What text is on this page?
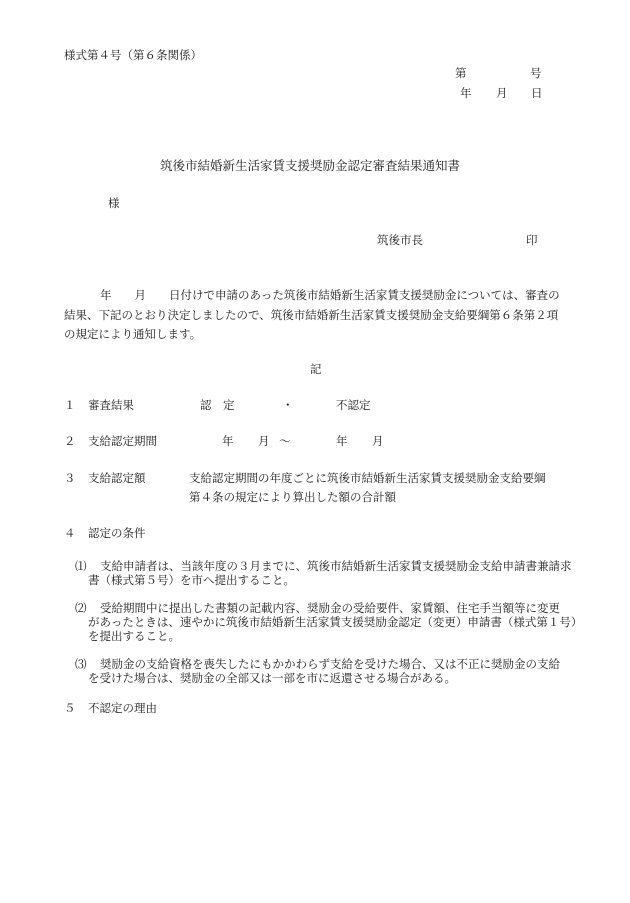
様式第４号（第６条関係）
第	号
年 月 日
筑後市結婚新生活家賃支援奨励金認定審査結果通知書
様
筑後市長	印
年　　月　　日付けで申請のあった筑後市結婚新生活家賃支援奨励金については、審査の
結果、下記のとおり決定しましたので、筑後市結婚新生活家賃支援奨励金支給要綱第６条第２項
の規定により通知します。
記
１ 審査結果	認　定	・	不認定
２ 支給認定期間	年 月 ～	年 月
３ 支給認定額	支給認定期間の年度ごとに筑後市結婚新生活家賃支援奨励金支給要綱
第４条の規定により算出した額の合計額
４ 認定の条件
⑴ 支給申請者は、当該年度の３月までに、筑後市結婚新生活家賃支援奨励金支給申請書兼請求
書（様式第５号）を市へ提出すること。
⑵ 受給期間中に提出した書類の記載内容、奨励金の受給要件、家賃額、住宅手当額等に変更
があったときは、速やかに筑後市結婚新生活家賃支援奨励金認定（変更）申請書（様式第１号）
を提出すること。
⑶ 奨励金の支給資格を喪失したにもかかわらず支給を受けた場合、又は不正に奨励金の支給
を受けた場合は、奨励金の全部又は一部を市に返還させる場合がある。
５ 不認定の理由
